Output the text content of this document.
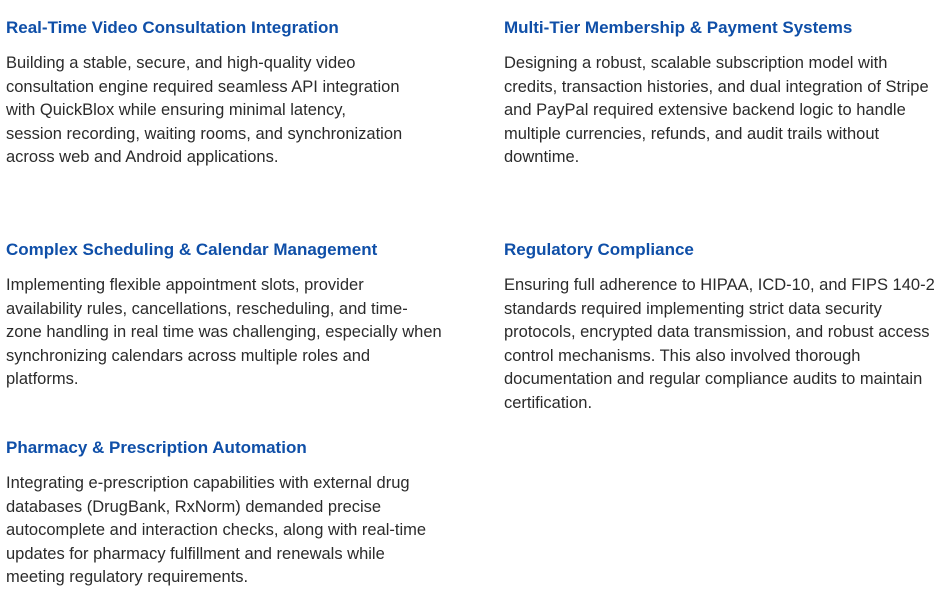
Real-Time Video Consultation Integration

Building a stable, secure, and high-quality video consultation engine required seamless API integration with QuickBlox while ensuring minimal latency, session recording, waiting rooms, and synchronization across web and Android applications.

Multi-Tier Membership & Payment Systems

Designing a robust, scalable subscription model with credits, transaction histories, and dual integration of Stripe and PayPal required extensive backend logic to handle multiple currencies, refunds, and audit trails without downtime.

Complex Scheduling & Calendar Management

Implementing flexible appointment slots, provider availability rules, cancellations, rescheduling, and time-zone handling in real time was challenging, especially when synchronizing calendars across multiple roles and platforms.

Regulatory Compliance

Ensuring full adherence to HIPAA, ICD-10, and FIPS 140-2 standards required implementing strict data security protocols, encrypted data transmission, and robust access control mechanisms. This also involved thorough documentation and regular compliance audits to maintain certification.

Pharmacy & Prescription Automation

Integrating e-prescription capabilities with external drug databases (DrugBank, RxNorm) demanded precise autocomplete and interaction checks, along with real-time updates for pharmacy fulfillment and renewals while meeting regulatory requirements.
